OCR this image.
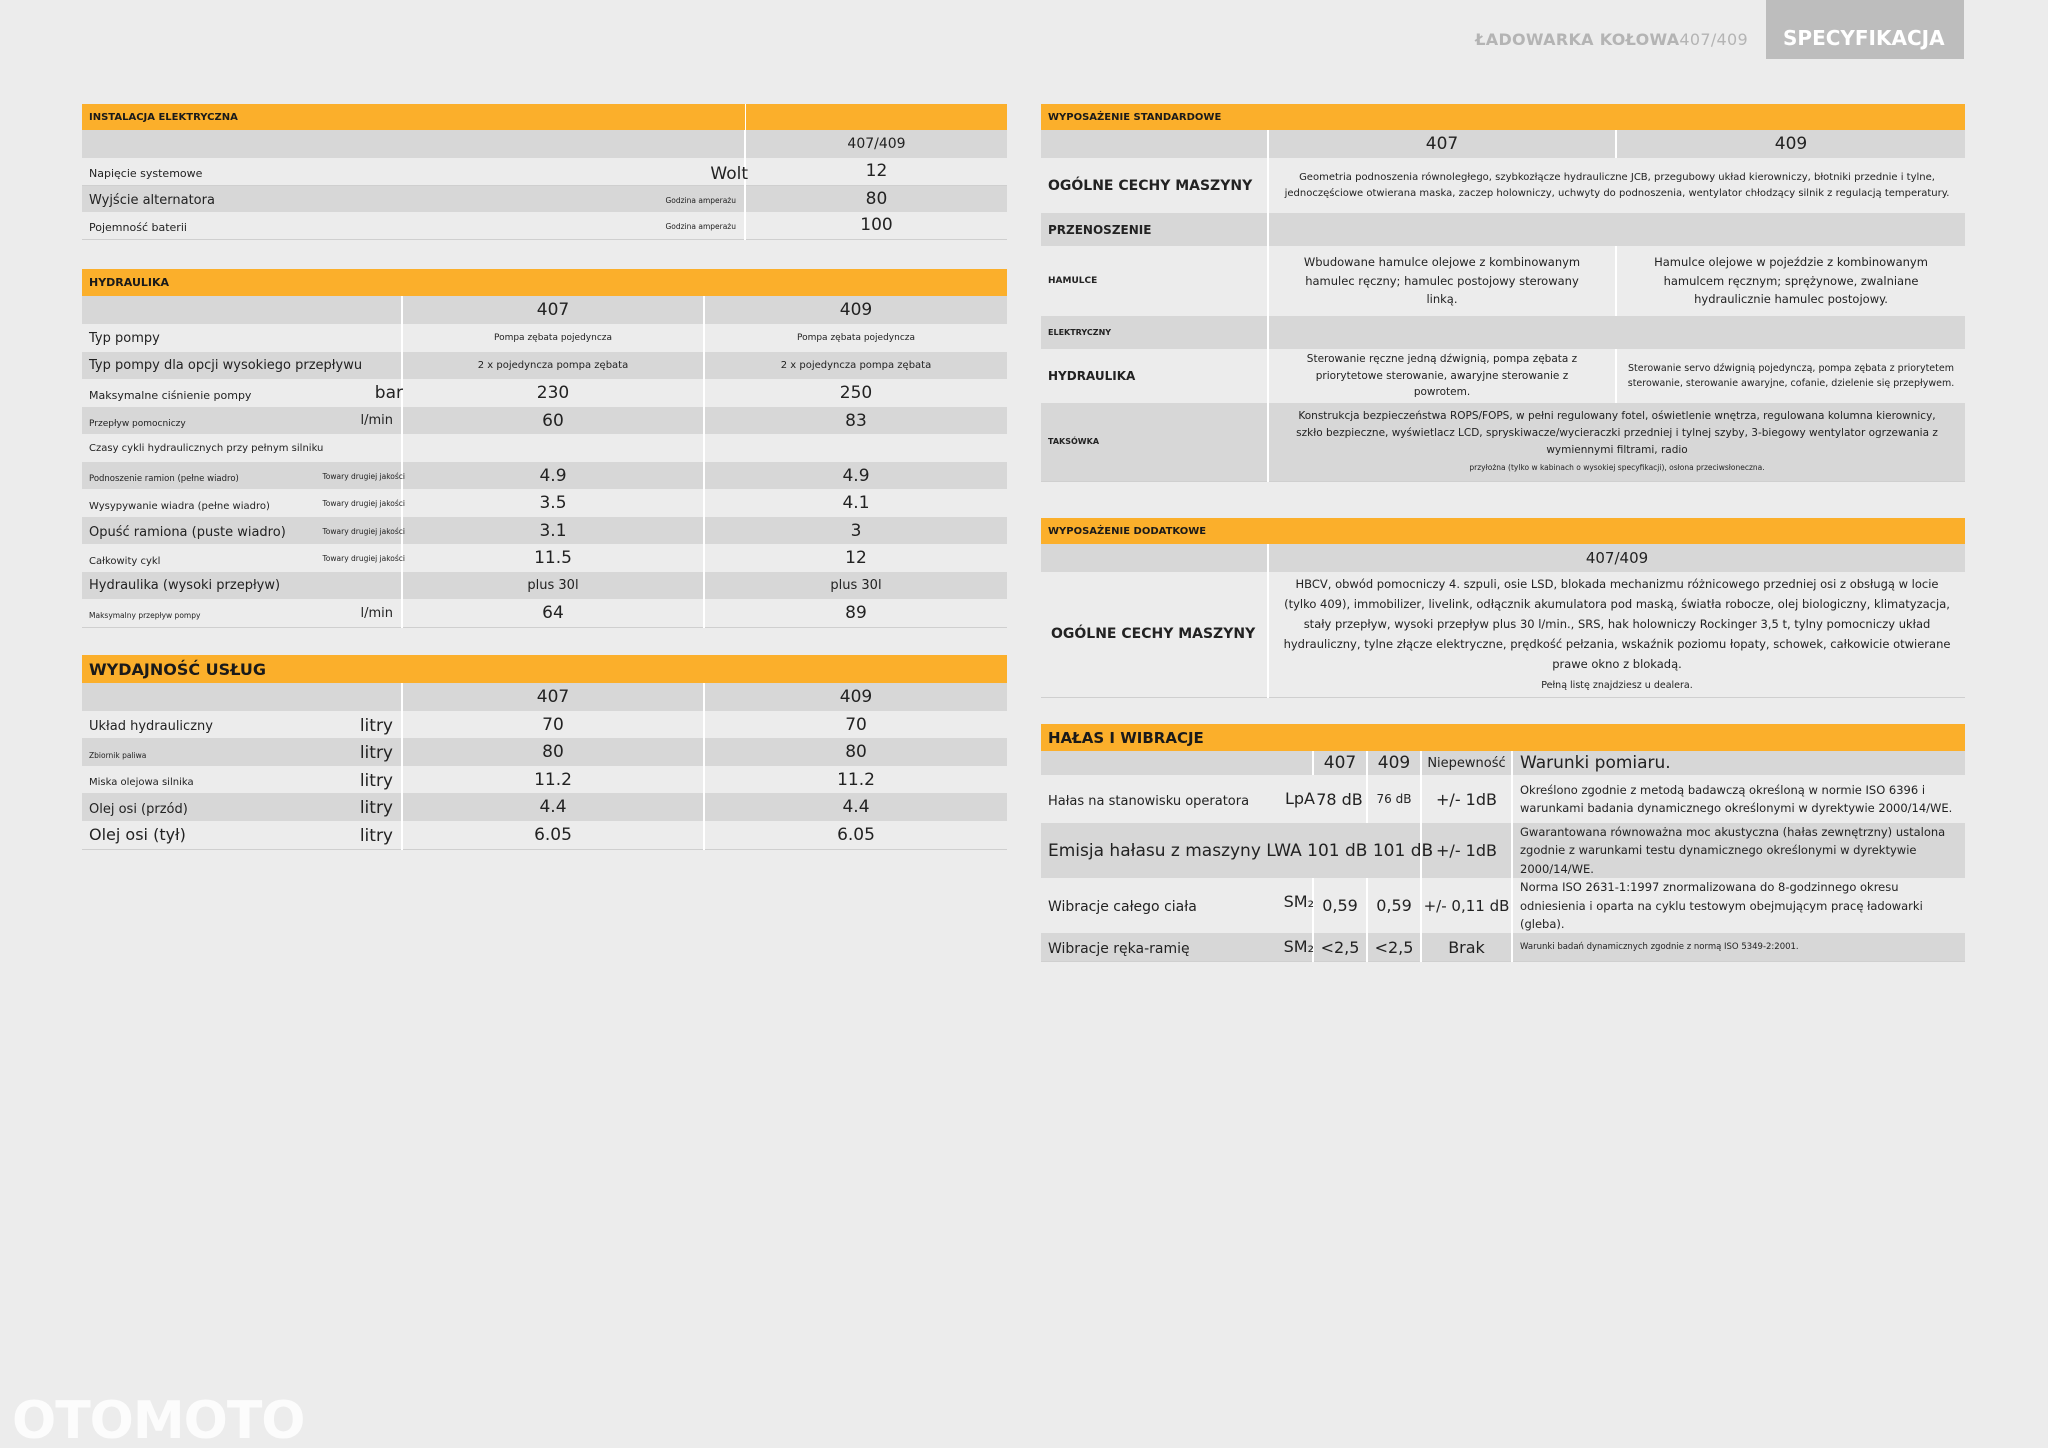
ŁADOWARKA KOŁOWA407/409	SPECYFIKACJA
INSTALACJA ELEKTRYCZNA	
	407/409
Napięcie systemowe Wolt	12
Wyjście alternatora Godzina amperażu	80
Pojemność baterii Godzina amperażu	100
HYDRAULIKA		
	407	409
Typ pompy	Pompa zębata pojedyncza	Pompa zębata pojedyncza
Typ pompy dla opcji wysokiego przepływu	2 x pojedyncza pompa zębata	2 x pojedyncza pompa zębata
Maksymalne ciśnienie pompy bar	230	250
Przepływ pomocniczy l/min	60	83
Czasy cykli hydraulicznych przy pełnym silniku		
Podnoszenie ramion (pełne wiadro) Towary drugiej jakości	4.9	4.9
Wysypywanie wiadra (pełne wiadro) Towary drugiej jakości	3.5	4.1
Opuść ramiona (puste wiadro) Towary drugiej jakości	3.1	3
Całkowity cykl Towary drugiej jakości	11.5	12
Hydraulika (wysoki przepływ)	plus 30l	plus 30l
Maksymalny przepływ pompy l/min	64	89
WYDAJNOŚĆ USŁUG		
	407	409
Układ hydrauliczny litry	70	70
Zbiornik paliwa litry	80	80
Miska olejowa silnika litry	11.2	11.2
Olej osi (przód) litry	4.4	4.4
Olej osi (tył) litry	6.05	6.05
WYPOSAŻENIE STANDARDOWE		
	407	409
OGÓLNE CECHY MASZYNY	Geometria podnoszenia równoległego, szybkozłącze hydrauliczne JCB, przegubowy układ kierowniczy, błotniki przednie i tylne, jednoczęściowe otwierana maska, zaczep holowniczy, uchwyty do podnoszenia, wentylator chłodzący silnik z regulacją temperatury.	
PRZENOSZENIE		
HAMULCE	Wbudowane hamulce olejowe z kombinowanym hamulec ręczny; hamulec postojowy sterowany linką.	Hamulce olejowe w pojeździe z kombinowanym hamulcem ręcznym; sprężynowe, zwalniane hydraulicznie hamulec postojowy.
ELEKTRYCZNY		
HYDRAULIKA	Sterowanie ręczne jedną dźwignią, pompa zębata z priorytetowe sterowanie, awaryjne sterowanie z powrotem.	Sterowanie servo dźwignią pojedynczą, pompa zębata z priorytetem sterowanie, sterowanie awaryjne, cofanie, dzielenie się przepływem.
TAKSÓWKA	Konstrukcja bezpieczeństwa ROPS/FOPS, w pełni regulowany fotel, oświetlenie wnętrza, regulowana kolumna kierownicy, szkło bezpieczne, wyświetlacz LCD, spryskiwacze/wycieraczki przedniej i tylnej szyby, 3-biegowy wentylator ogrzewania z wymiennymi filtrami, radio
przyłożna (tylko w kabinach o wysokiej specyfikacji), osłona przeciwsłoneczna.	
WYPOSAŻENIE DODATKOWE	
	407/409
OGÓLNE CECHY MASZYNY	HBCV, obwód pomocniczy 4. szpuli, osie LSD, blokada mechanizmu różnicowego przedniej osi z obsługą w locie (tylko 409), immobilizer, livelink, odłącznik akumulatora pod maską, światła robocze, olej biologiczny, klimatyzacja, stały przepływ, wysoki przepływ plus 30 l/min., SRS, hak holowniczy Rockinger 3,5 t, tylny pomocniczy układ hydrauliczny, tylne złącze elektryczne, prędkość pełzania, wskaźnik poziomu łopaty, schowek, całkowicie otwierane prawe okno z blokadą.
Pełną listę znajdziesz u dealera.
HAŁAS I WIBRACJE				
	407	409	Niepewność	Warunki pomiaru.
Hałas na stanowisku operatora LpA	78 dB	76 dB	+/- 1dB	Określono zgodnie z metodą badawczą określoną w normie ISO 6396 i warunkami badania dynamicznego określonymi w dyrektywie 2000/14/WE.
Emisja hałasu z maszyny LWA 101 dB 101 dB			+/- 1dB	Gwarantowana równoważna moc akustyczna (hałas zewnętrzny) ustalona zgodnie z warunkami testu dynamicznego określonymi w dyrektywie 2000/14/WE.
Wibracje całego ciała SM₂	0,59	0,59	+/- 0,11 dB	Norma ISO 2631-1:1997 znormalizowana do 8-godzinnego okresu odniesienia i oparta na cyklu testowym obejmującym pracę ładowarki (gleba).
Wibracje ręka-ramię SM₂	<2,5	<2,5	Brak	Warunki badań dynamicznych zgodnie z normą ISO 5349-2:2001.
OTOMOTO
